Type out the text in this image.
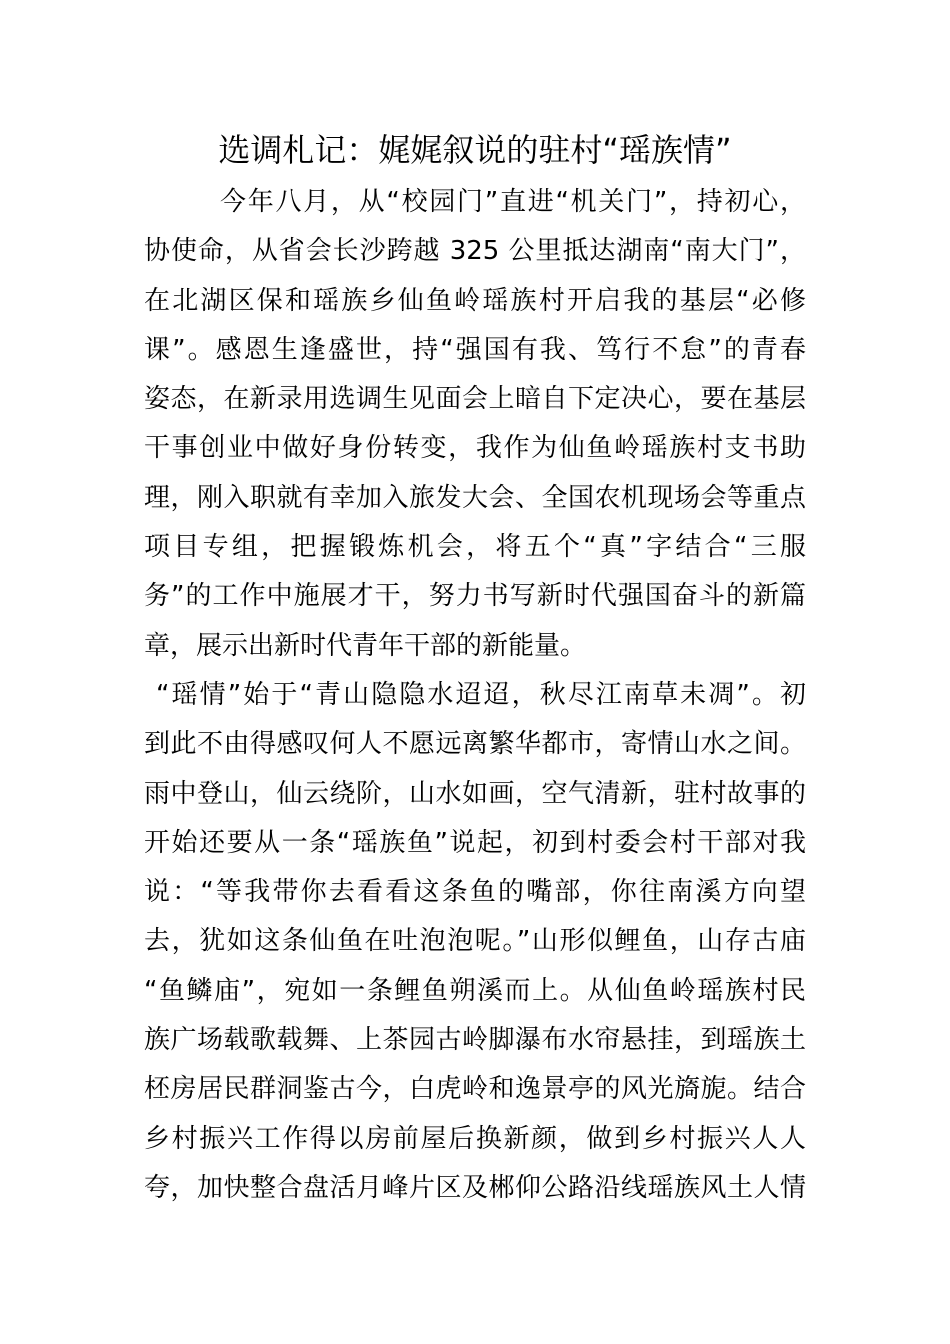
选调札记：娓娓叙说的驻村“瑶族情”
今年八月，从“校园门”直进“机关门”，持初心，
协使命，从省会长沙跨越 325 公里抵达湖南“南大门”，
在北湖区保和瑶族乡仙鱼岭瑶族村开启我的基层“必修
课”。感恩生逢盛世，持“强国有我、笃行不怠”的青春
姿态，在新录用选调生见面会上暗自下定决心，要在基层
干事创业中做好身份转变，我作为仙鱼岭瑶族村支书助
理，刚入职就有幸加入旅发大会、全国农机现场会等重点
项目专组，把握锻炼机会，将五个“真”字结合“三服
务”的工作中施展才干，努力书写新时代强国奋斗的新篇
章，展示出新时代青年干部的新能量。
“瑶情”始于“青山隐隐水迢迢，秋尽江南草未凋”。初
到此不由得感叹何人不愿远离繁华都市，寄情山水之间。
雨中登山，仙云绕阶，山水如画，空气清新，驻村故事的
开始还要从一条“瑶族鱼”说起，初到村委会村干部对我
说：“等我带你去看看这条鱼的嘴部，你往南溪方向望
去，犹如这条仙鱼在吐泡泡呢。”山形似鲤鱼，山存古庙
“鱼鳞庙”，宛如一条鲤鱼朔溪而上。从仙鱼岭瑶族村民
族广场载歌载舞、上茶园古岭脚瀑布水帘悬挂，到瑶族土
柸房居民群洞鉴古今，白虎岭和逸景亭的风光旖旎。结合
乡村振兴工作得以房前屋后换新颜，做到乡村振兴人人
夸，加快整合盘活月峰片区及郴仰公路沿线瑶族风土人情
